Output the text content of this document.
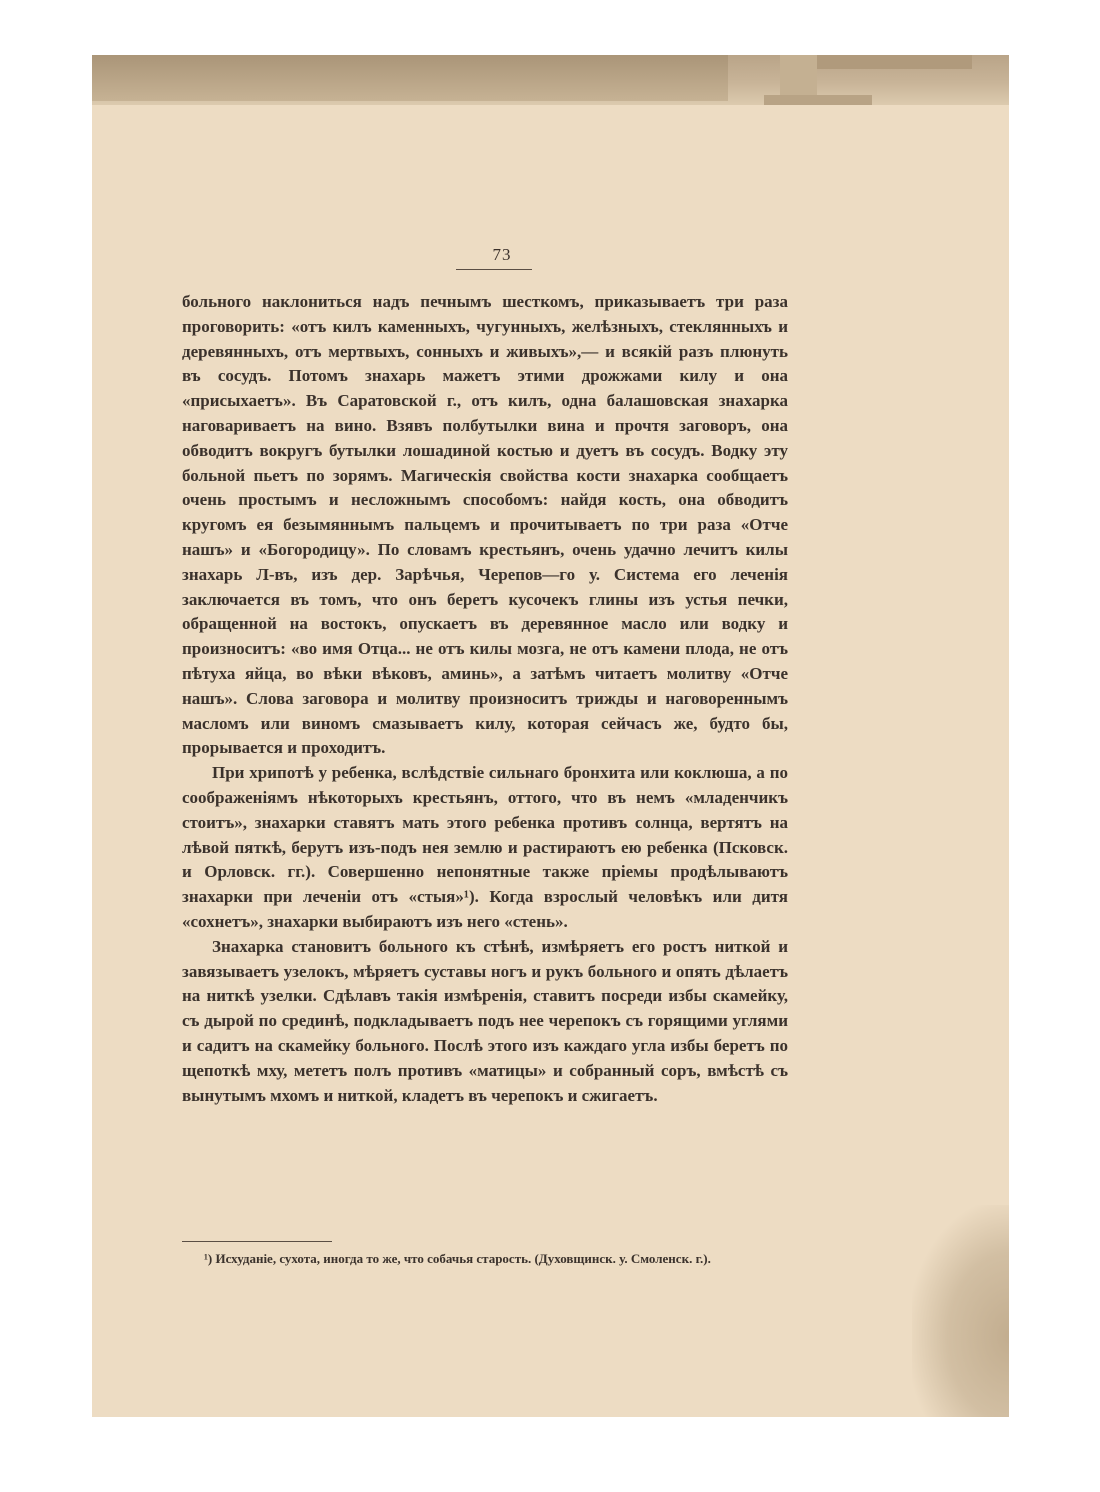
73

больного наклониться надъ печнымъ шесткомъ, приказываетъ три раза проговорить: «отъ килъ каменныхъ, чугунныхъ, желѣзныхъ, стеклянныхъ и деревянныхъ, отъ мертвыхъ, сонныхъ и живыхъ»,— и всякій разъ плюнуть въ сосудъ. Потомъ знахарь мажетъ этими дрожжами килу и она «присыхаетъ». Въ Саратовской г., отъ килъ, одна балашовская знахарка наговариваетъ на вино. Взявъ полбутылки вина и прочтя заговоръ, она обводитъ вокругъ бутылки лошадиной костью и дуетъ въ сосудъ. Водку эту больной пьетъ по зорямъ. Магическія свойства кости знахарка сообщаетъ очень простымъ и несложнымъ способомъ: найдя кость, она обводитъ кругомъ ея безымяннымъ пальцемъ и прочитываетъ по три раза «Отче нашъ» и «Богородицу». По словамъ крестьянъ, очень удачно лечитъ килы знахарь Л-въ, изъ дер. Зарѣчья, Черепов—го у. Система его леченія заключается въ томъ, что онъ беретъ кусочекъ глины изъ устья печки, обращенной на востокъ, опускаетъ въ деревянное масло или водку и произноситъ: «во имя Отца... не отъ килы мозга, не отъ камени плода, не отъ пѣтуха яйца, во вѣки вѣковъ, аминь», а затѣмъ читаетъ молитву «Отче нашъ». Слова заговора и молитву произноситъ трижды и наговореннымъ масломъ или виномъ смазываетъ килу, которая сейчасъ же, будто бы, прорывается и проходитъ.

При хрипотѣ у ребенка, вслѣдствіе сильнаго бронхита или коклюша, а по соображеніямъ нѣкоторыхъ крестьянъ, оттого, что въ немъ «младенчикъ стоитъ», знахарки ставятъ мать этого ребенка противъ солнца, вертятъ на лѣвой пяткѣ, берутъ изъ-подъ нея землю и растираютъ ею ребенка (Псковск. и Орловск. гг.). Совершенно непонятные также пріемы продѣлываютъ знахарки при леченіи отъ «стыя»¹). Когда взрослый человѣкъ или дитя «сохнетъ», знахарки выбираютъ изъ него «стень».

Знахарка становитъ больного къ стѣнѣ, измѣряетъ его ростъ ниткой и завязываетъ узелокъ, мѣряетъ суставы ногъ и рукъ больного и опять дѣлаетъ на ниткѣ узелки. Сдѣлавъ такія измѣренія, ставитъ посреди избы скамейку, съ дырой по срединѣ, подкладываетъ подъ нее черепокъ съ горящими углями и садитъ на скамейку больного. Послѣ этого изъ каждаго угла избы беретъ по щепоткѣ мху, мететъ полъ противъ «матицы» и собранный соръ, вмѣстѣ съ вынутымъ мхомъ и ниткой, кладетъ въ черепокъ и сжигаетъ.

¹) Исхуданіе, сухота, иногда то же, что собачья старость. (Духовщинск. у. Смоленск. г.).
